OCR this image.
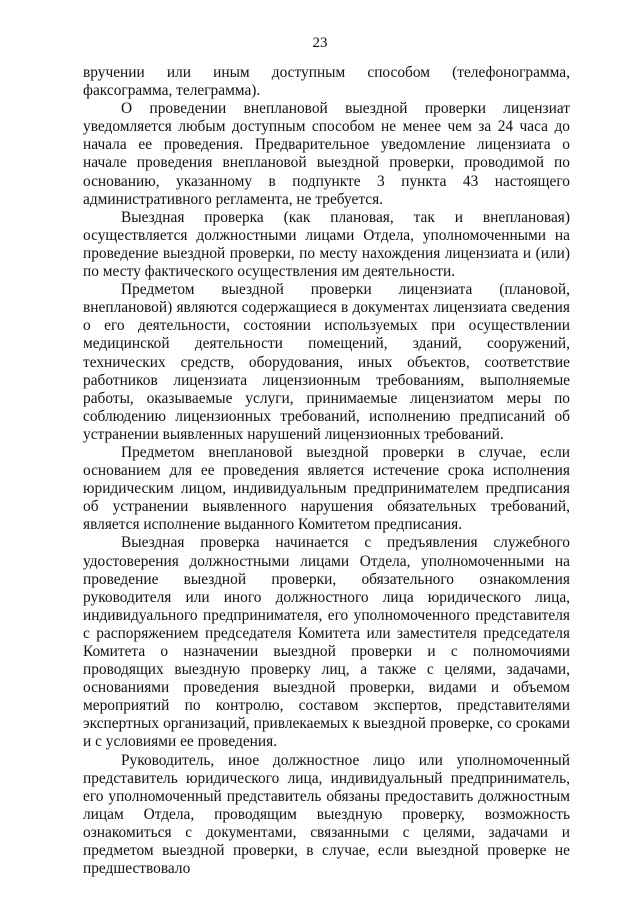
23

вручении или иным доступным способом (телефонограмма, факсограмма, телеграмма).

О проведении внеплановой выездной проверки лицензиат уведомляется любым доступным способом не менее чем за 24 часа до начала ее проведения. Предварительное уведомление лицензиата о начале проведения внеплановой выездной проверки, проводимой по основанию, указанному в подпункте 3 пункта 43 настоящего административного регламента, не требуется.

Выездная проверка (как плановая, так и внеплановая) осуществляется должностными лицами Отдела, уполномоченными на проведение выездной проверки, по месту нахождения лицензиата и (или) по месту фактического осуществления им деятельности.

Предметом выездной проверки лицензиата (плановой, внеплановой) являются содержащиеся в документах лицензиата сведения о его деятельности, состоянии используемых при осуществлении медицинской деятельности помещений, зданий, сооружений, технических средств, оборудования, иных объектов, соответствие работников лицензиата лицензионным требованиям, выполняемые работы, оказываемые услуги, принимаемые лицензиатом меры по соблюдению лицензионных требований, исполнению предписаний об устранении выявленных нарушений лицензионных требований.

Предметом внеплановой выездной проверки в случае, если основанием для ее проведения является истечение срока исполнения юридическим лицом, индивидуальным предпринимателем предписания об устранении выявленного нарушения обязательных требований, является исполнение выданного Комитетом предписания.

Выездная проверка начинается с предъявления служебного удостоверения должностными лицами Отдела, уполномоченными на проведение выездной проверки, обязательного ознакомления руководителя или иного должностного лица юридического лица, индивидуального предпринимателя, его уполномоченного представителя с распоряжением председателя Комитета или заместителя председателя Комитета о назначении выездной проверки и с полномочиями проводящих выездную проверку лиц, а также с целями, задачами, основаниями проведения выездной проверки, видами и объемом мероприятий по контролю, составом экспертов, представителями экспертных организаций, привлекаемых к выездной проверке, со сроками и с условиями ее проведения.

Руководитель, иное должностное лицо или уполномоченный представитель юридического лица, индивидуальный предприниматель, его уполномоченный представитель обязаны предоставить должностным лицам Отдела, проводящим выездную проверку, возможность ознакомиться с документами, связанными с целями, задачами и предметом выездной проверки, в случае, если выездной проверке не предшествовало
